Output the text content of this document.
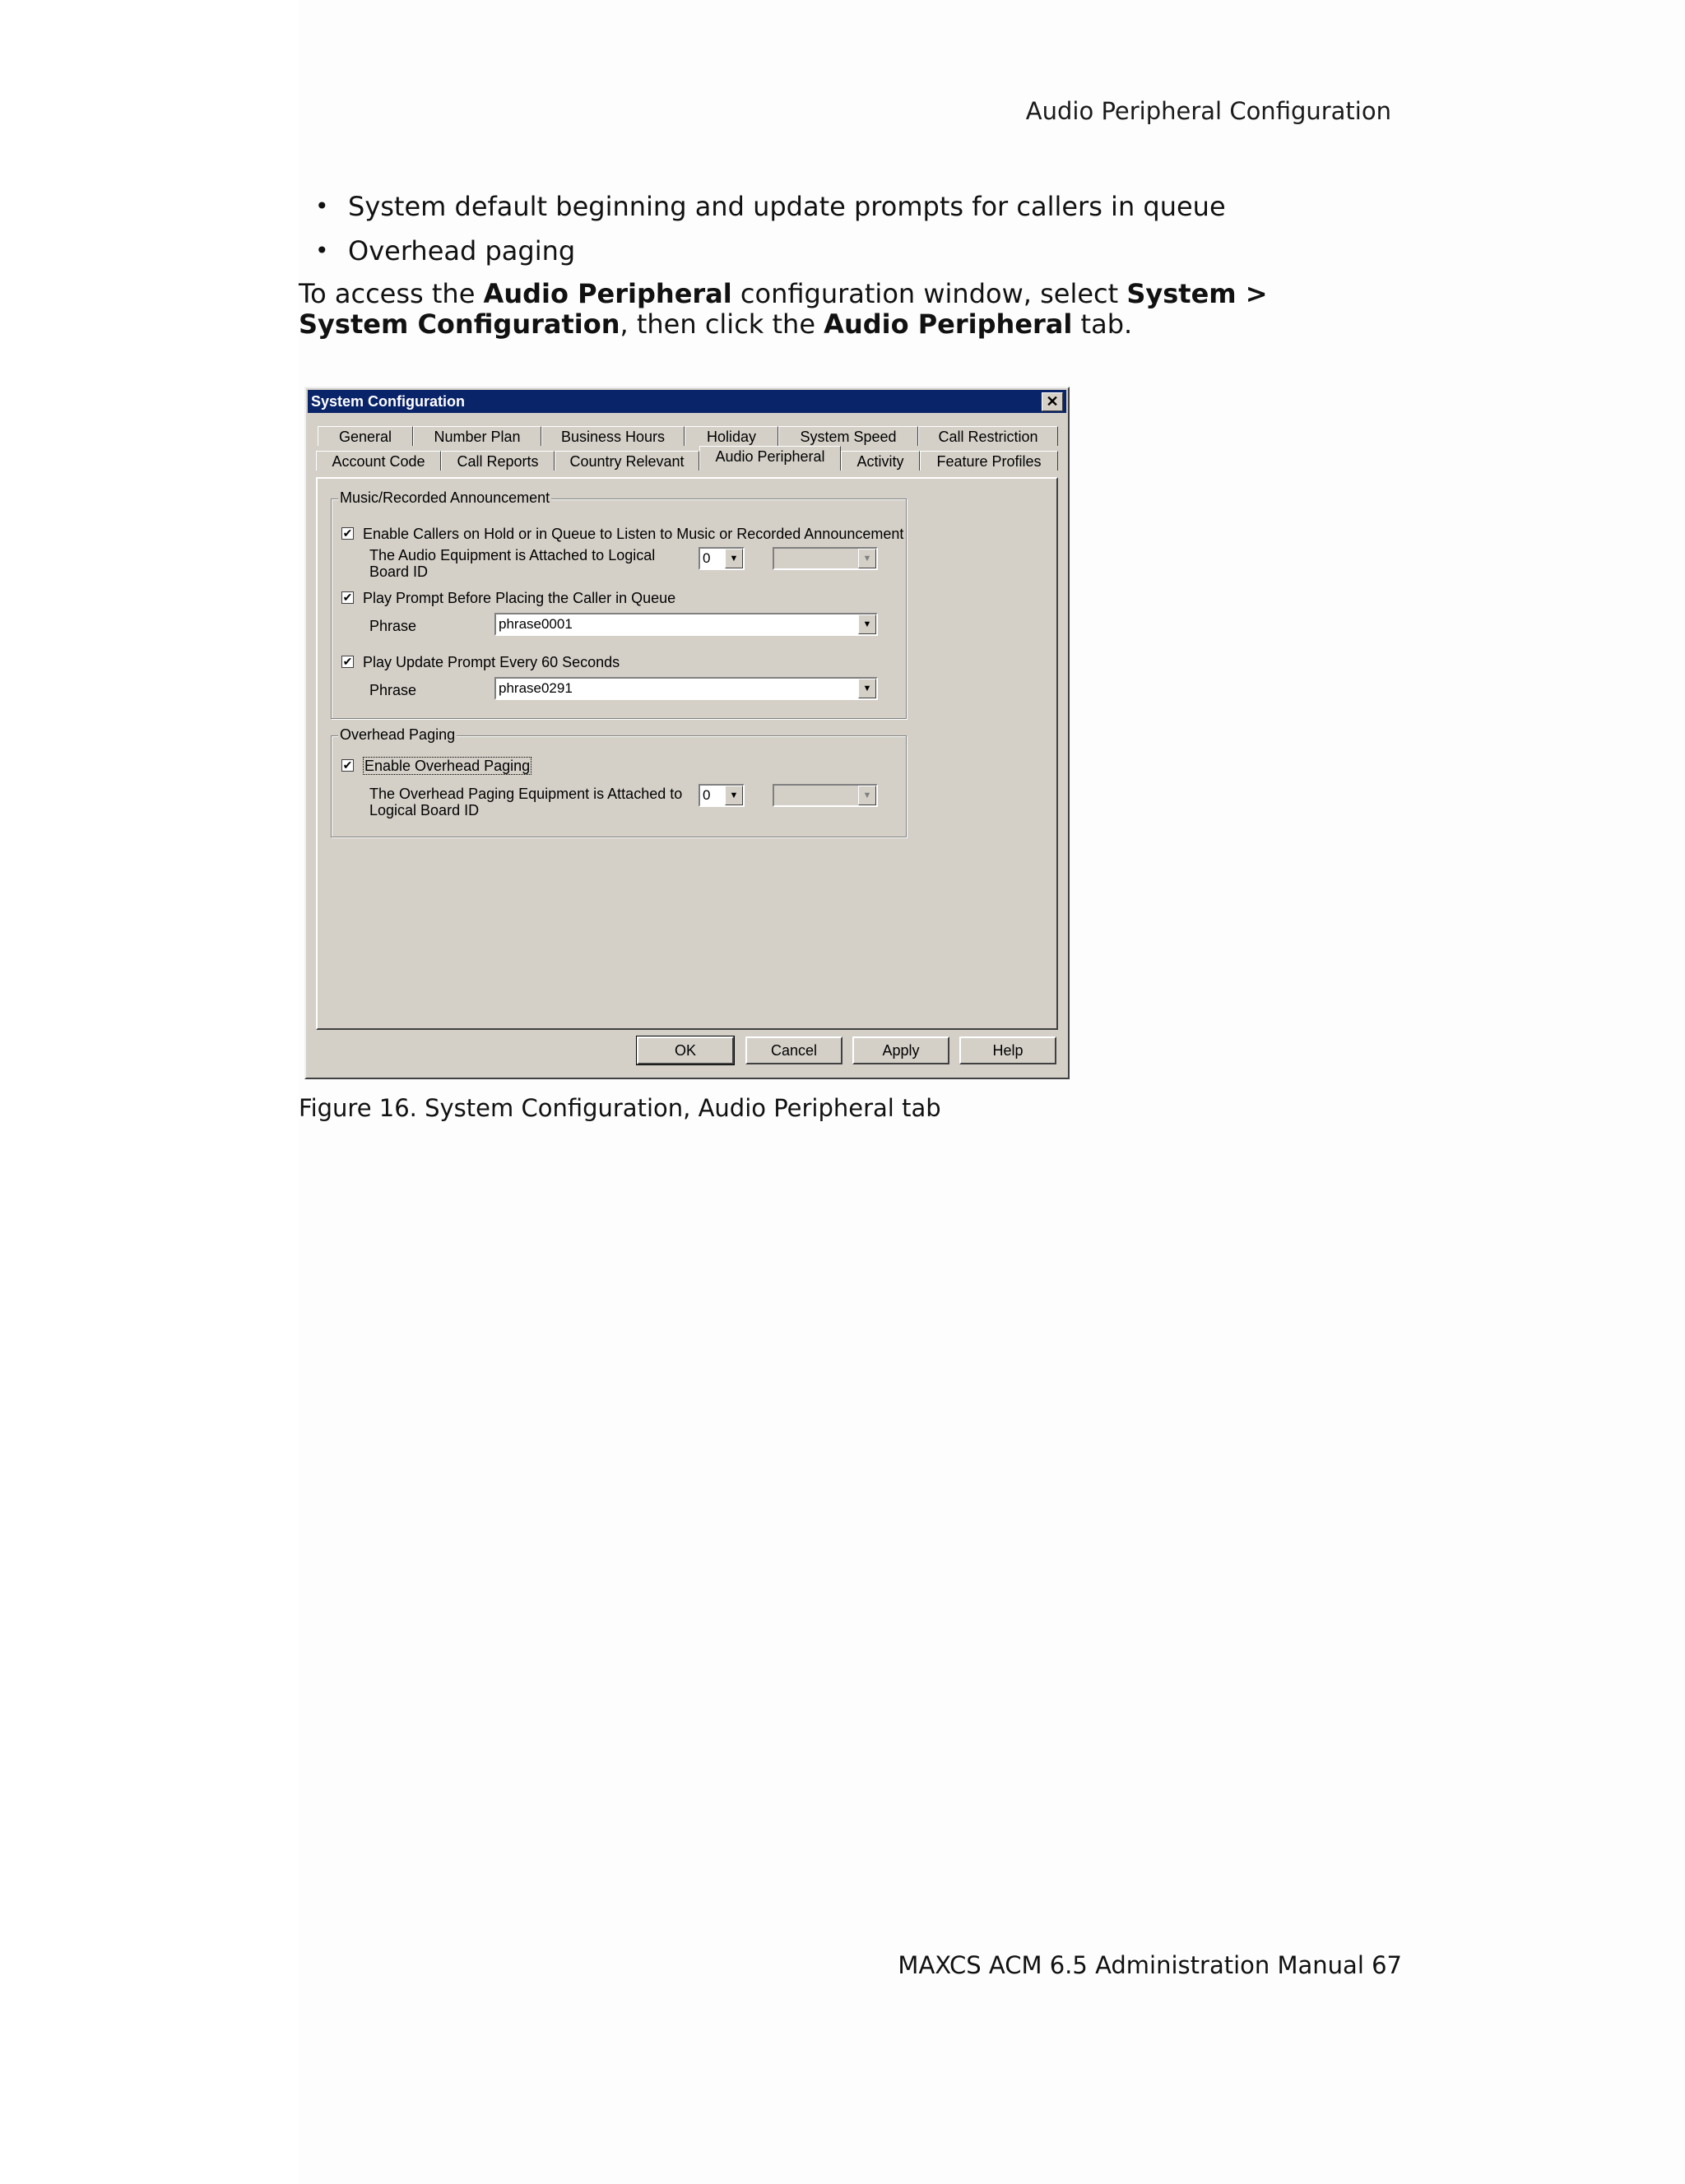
Audio Peripheral Configuration
• System default beginning and update prompts for callers in queue
• Overhead paging
To access the Audio Peripheral configuration window, select System > System Configuration, then click the Audio Peripheral tab.
System Configuration	✕
General	Number Plan	Business Hours	Holiday	System Speed	Call Restriction
Account Code	Call Reports	Country Relevant	Audio Peripheral	Activity	Feature Profiles
Music/Recorded Announcement
✔ Enable Callers on Hold or in Queue to Listen to Music or Recorded Announcement
The Audio Equipment is Attached to Logical
Board ID
0	▼	▼
✔ Play Prompt Before Placing the Caller in Queue
Phrase	phrase0001	▼
✔ Play Update Prompt Every 60 Seconds
Phrase	phrase0291	▼
Overhead Paging
✔ Enable Overhead Paging
The Overhead Paging Equipment is Attached to
Logical Board ID
0	▼	▼
OK	Cancel	Apply	Help
Figure 16. System Configuration, Audio Peripheral tab
MAXCS ACM 6.5 Administration Manual 67
